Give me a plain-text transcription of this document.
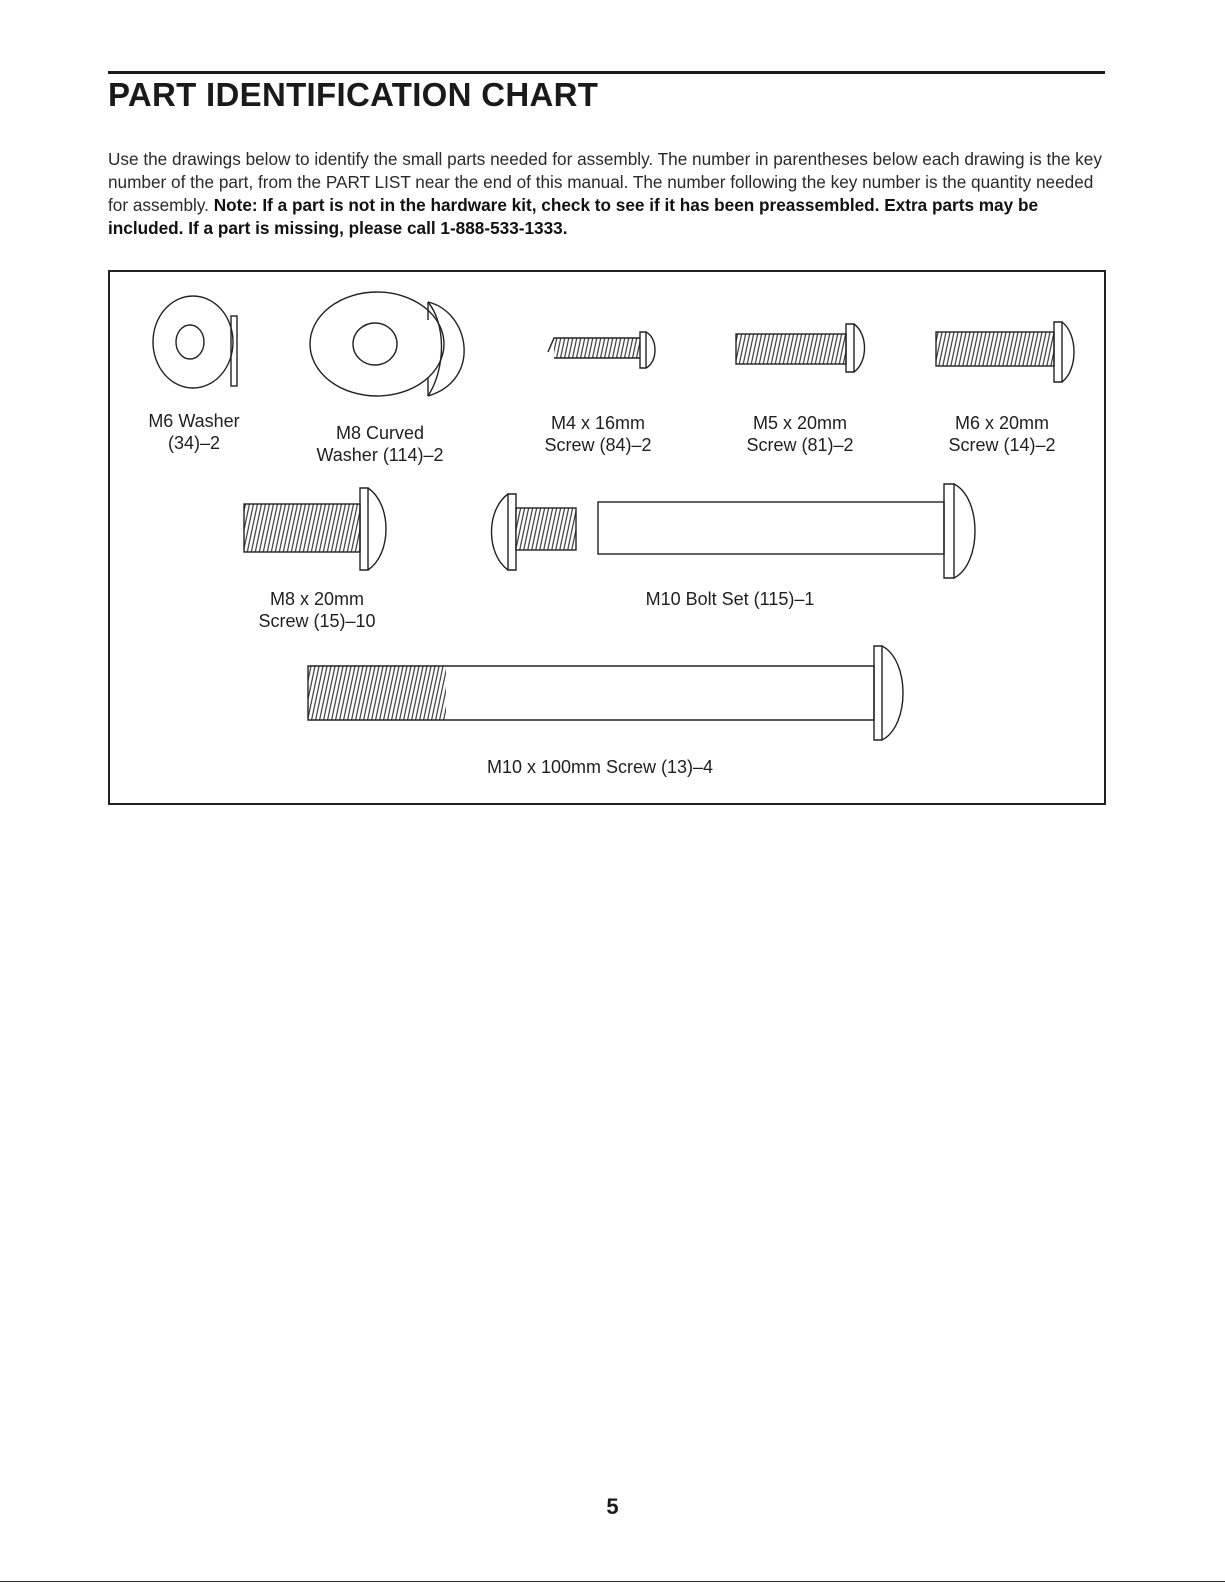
PART IDENTIFICATION CHART

Use the drawings below to identify the small parts needed for assembly. The number in parentheses below each drawing is the key number of the part, from the PART LIST near the end of this manual. The number following the key number is the quantity needed for assembly. Note: If a part is not in the hardware kit, check to see if it has been preassembled. Extra parts may be included. If a part is missing, please call 1-888-533-1333.

M6 Washer
(34)–2	M8 Curved
Washer (114)–2
M4 x 16mm
Screw (84)–2
M5 x 20mm
Screw (81)–2
M6 x 20mm
Screw (14)–2
M8 x 20mm
Screw (15)–10
M10 Bolt Set (115)–1
M10 x 100mm Screw (13)–4
5
